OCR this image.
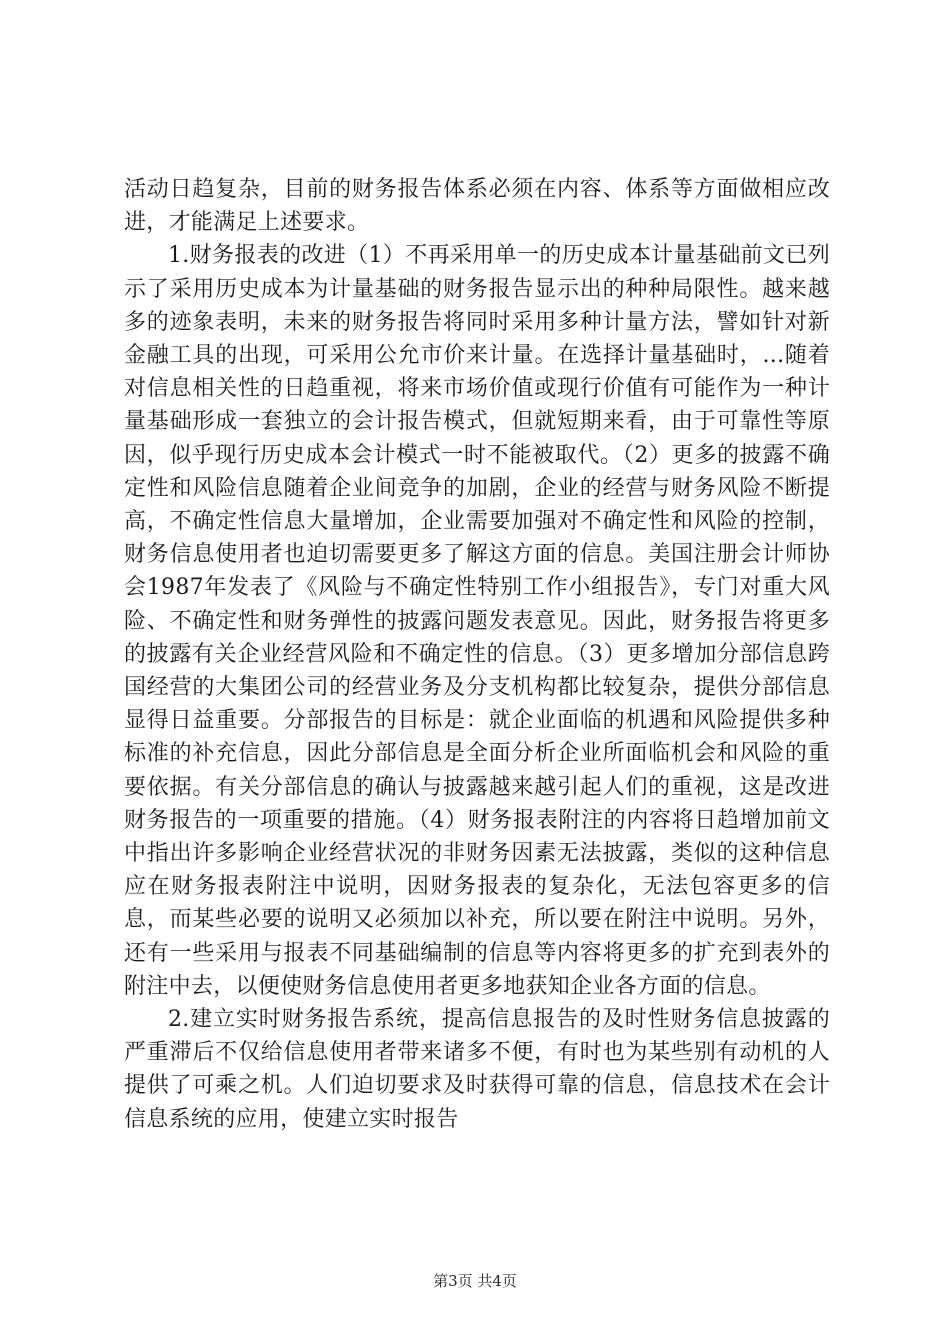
活动日趋复杂，目前的财务报告体系必须在内容、体系等方面做相应改进，才能满足上述要求。

1.财务报表的改进（1）不再采用单一的历史成本计量基础前文已列示了采用历史成本为计量基础的财务报告显示出的种种局限性。越来越多的迹象表明，未来的财务报告将同时采用多种计量方法，譬如针对新金融工具的出现，可采用公允市价来计量。在选择计量基础时，...随着对信息相关性的日趋重视，将来市场价值或现行价值有可能作为一种计量基础形成一套独立的会计报告模式，但就短期来看，由于可靠性等原因，似乎现行历史成本会计模式一时不能被取代。（2）更多的披露不确定性和风险信息随着企业间竞争的加剧，企业的经营与财务风险不断提高，不确定性信息大量增加，企业需要加强对不确定性和风险的控制，财务信息使用者也迫切需要更多了解这方面的信息。美国注册会计师协会1987年发表了《风险与不确定性特别工作小组报告》，专门对重大风险、不确定性和财务弹性的披露问题发表意见。因此，财务报告将更多的披露有关企业经营风险和不确定性的信息。（3）更多增加分部信息跨国经营的大集团公司的经营业务及分支机构都比较复杂，提供分部信息显得日益重要。分部报告的目标是：就企业面临的机遇和风险提供多种标准的补充信息，因此分部信息是全面分析企业所面临机会和风险的重要依据。有关分部信息的确认与披露越来越引起人们的重视，这是改进财务报告的一项重要的措施。（4）财务报表附注的内容将日趋增加前文中指出许多影响企业经营状况的非财务因素无法披露，类似的这种信息应在财务报表附注中说明，因财务报表的复杂化，无法包容更多的信息，而某些必要的说明又必须加以补充，所以要在附注中说明。另外，还有一些采用与报表不同基础编制的信息等内容将更多的扩充到表外的附注中去，以便使财务信息使用者更多地获知企业各方面的信息。

2.建立实时财务报告系统，提高信息报告的及时性财务信息披露的严重滞后不仅给信息使用者带来诸多不便，有时也为某些别有动机的人提供了可乘之机。人们迫切要求及时获得可靠的信息，信息技术在会计信息系统的应用，使建立实时报告

第3页 共4页
